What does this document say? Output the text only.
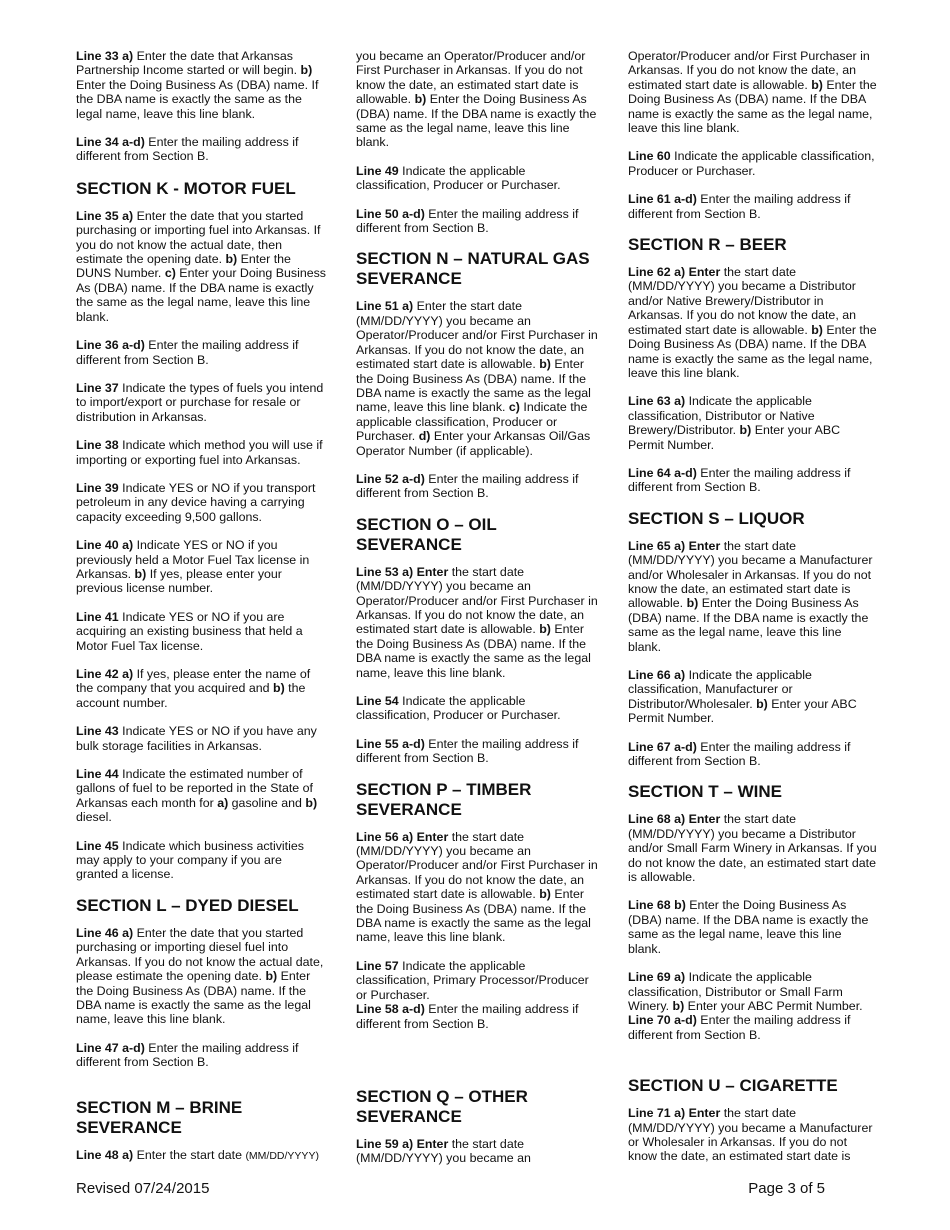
Line 33 a) Enter the date that Arkansas Partnership Income started or will begin. b) Enter the Doing Business As (DBA) name. If the DBA name is exactly the same as the legal name, leave this line blank.

Line 34 a-d) Enter the mailing address if different from Section B.

SECTION K - MOTOR FUEL

Line 35 a) Enter the date that you started purchasing or importing fuel into Arkansas. If you do not know the actual date, then estimate the opening date. b) Enter the DUNS Number. c) Enter your Doing Business As (DBA) name. If the DBA name is exactly the same as the legal name, leave this line blank.

Line 36 a-d) Enter the mailing address if different from Section B.

Line 37 Indicate the types of fuels you intend to import/export or purchase for resale or distribution in Arkansas.

Line 38 Indicate which method you will use if importing or exporting fuel into Arkansas.

Line 39 Indicate YES or NO if you transport petroleum in any device having a carrying capacity exceeding 9,500 gallons.

Line 40 a) Indicate YES or NO if you previously held a Motor Fuel Tax license in Arkansas. b) If yes, please enter your previous license number.

Line 41 Indicate YES or NO if you are acquiring an existing business that held a Motor Fuel Tax license.

Line 42 a) If yes, please enter the name of the company that you acquired and b) the account number.

Line 43 Indicate YES or NO if you have any bulk storage facilities in Arkansas.

Line 44 Indicate the estimated number of gallons of fuel to be reported in the State of Arkansas each month for a) gasoline and b) diesel.

Line 45 Indicate which business activities may apply to your company if you are granted a license.

SECTION L – DYED DIESEL

Line 46 a) Enter the date that you started purchasing or importing diesel fuel into Arkansas. If you do not know the actual date, please estimate the opening date. b) Enter the Doing Business As (DBA) name. If the DBA name is exactly the same as the legal name, leave this line blank.

Line 47 a-d) Enter the mailing address if different from Section B.

SECTION M – BRINE SEVERANCE

Line 48 a) Enter the start date (MM/DD/YYYY)

you became an Operator/Producer and/or First Purchaser in Arkansas. If you do not know the date, an estimated start date is allowable. b) Enter the Doing Business As (DBA) name. If the DBA name is exactly the same as the legal name, leave this line blank.

Line 49 Indicate the applicable classification, Producer or Purchaser.

Line 50 a-d) Enter the mailing address if different from Section B.

SECTION N – NATURAL GAS SEVERANCE

Line 51 a) Enter the start date (MM/DD/YYYY) you became an Operator/Producer and/or First Purchaser in Arkansas. If you do not know the date, an estimated start date is allowable. b) Enter the Doing Business As (DBA) name. If the DBA name is exactly the same as the legal name, leave this line blank. c) Indicate the applicable classification, Producer or Purchaser. d) Enter your Arkansas Oil/Gas Operator Number (if applicable).

Line 52 a-d) Enter the mailing address if different from Section B.

SECTION O – OIL SEVERANCE

Line 53 a) Enter the start date (MM/DD/YYYY) you became an Operator/Producer and/or First Purchaser in Arkansas. If you do not know the date, an estimated start date is allowable. b) Enter the Doing Business As (DBA) name. If the DBA name is exactly the same as the legal name, leave this line blank.

Line 54 Indicate the applicable classification, Producer or Purchaser.

Line 55 a-d) Enter the mailing address if different from Section B.

SECTION P – TIMBER SEVERANCE

Line 56 a) Enter the start date (MM/DD/YYYY) you became an Operator/Producer and/or First Purchaser in Arkansas. If you do not know the date, an estimated start date is allowable. b) Enter the Doing Business As (DBA) name. If the DBA name is exactly the same as the legal name, leave this line blank.

Line 57 Indicate the applicable classification, Primary Processor/Producer or Purchaser.

Line 58 a-d) Enter the mailing address if different from Section B.

SECTION Q – OTHER SEVERANCE

Line 59 a) Enter the start date (MM/DD/YYYY) you became an

Operator/Producer and/or First Purchaser in Arkansas. If you do not know the date, an estimated start date is allowable. b) Enter the Doing Business As (DBA) name. If the DBA name is exactly the same as the legal name, leave this line blank.

Line 60 Indicate the applicable classification, Producer or Purchaser.

Line 61 a-d) Enter the mailing address if different from Section B.

SECTION R – BEER

Line 62 a) Enter the start date (MM/DD/YYYY) you became a Distributor and/or Native Brewery/Distributor in Arkansas. If you do not know the date, an estimated start date is allowable. b) Enter the Doing Business As (DBA) name. If the DBA name is exactly the same as the legal name, leave this line blank.

Line 63 a) Indicate the applicable classification, Distributor or Native Brewery/Distributor. b) Enter your ABC Permit Number.

Line 64 a-d) Enter the mailing address if different from Section B.

SECTION S – LIQUOR

Line 65 a) Enter the start date (MM/DD/YYYY) you became a Manufacturer and/or Wholesaler in Arkansas. If you do not know the date, an estimated start date is allowable. b) Enter the Doing Business As (DBA) name. If the DBA name is exactly the same as the legal name, leave this line blank.

Line 66 a) Indicate the applicable classification, Manufacturer or Distributor/Wholesaler. b) Enter your ABC Permit Number.

Line 67 a-d) Enter the mailing address if different from Section B.

SECTION T – WINE

Line 68 a) Enter the start date (MM/DD/YYYY) you became a Distributor and/or Small Farm Winery in Arkansas. If you do not know the date, an estimated start date is allowable.

Line 68 b) Enter the Doing Business As (DBA) name. If the DBA name is exactly the same as the legal name, leave this line blank.

Line 69 a) Indicate the applicable classification, Distributor or Small Farm Winery. b) Enter your ABC Permit Number.

Line 70 a-d) Enter the mailing address if different from Section B.

SECTION U – CIGARETTE

Line 71 a) Enter the start date (MM/DD/YYYY) you became a Manufacturer or Wholesaler in Arkansas. If you do not know the date, an estimated start date is

Revised 07/24/2015	Page 3 of 5
